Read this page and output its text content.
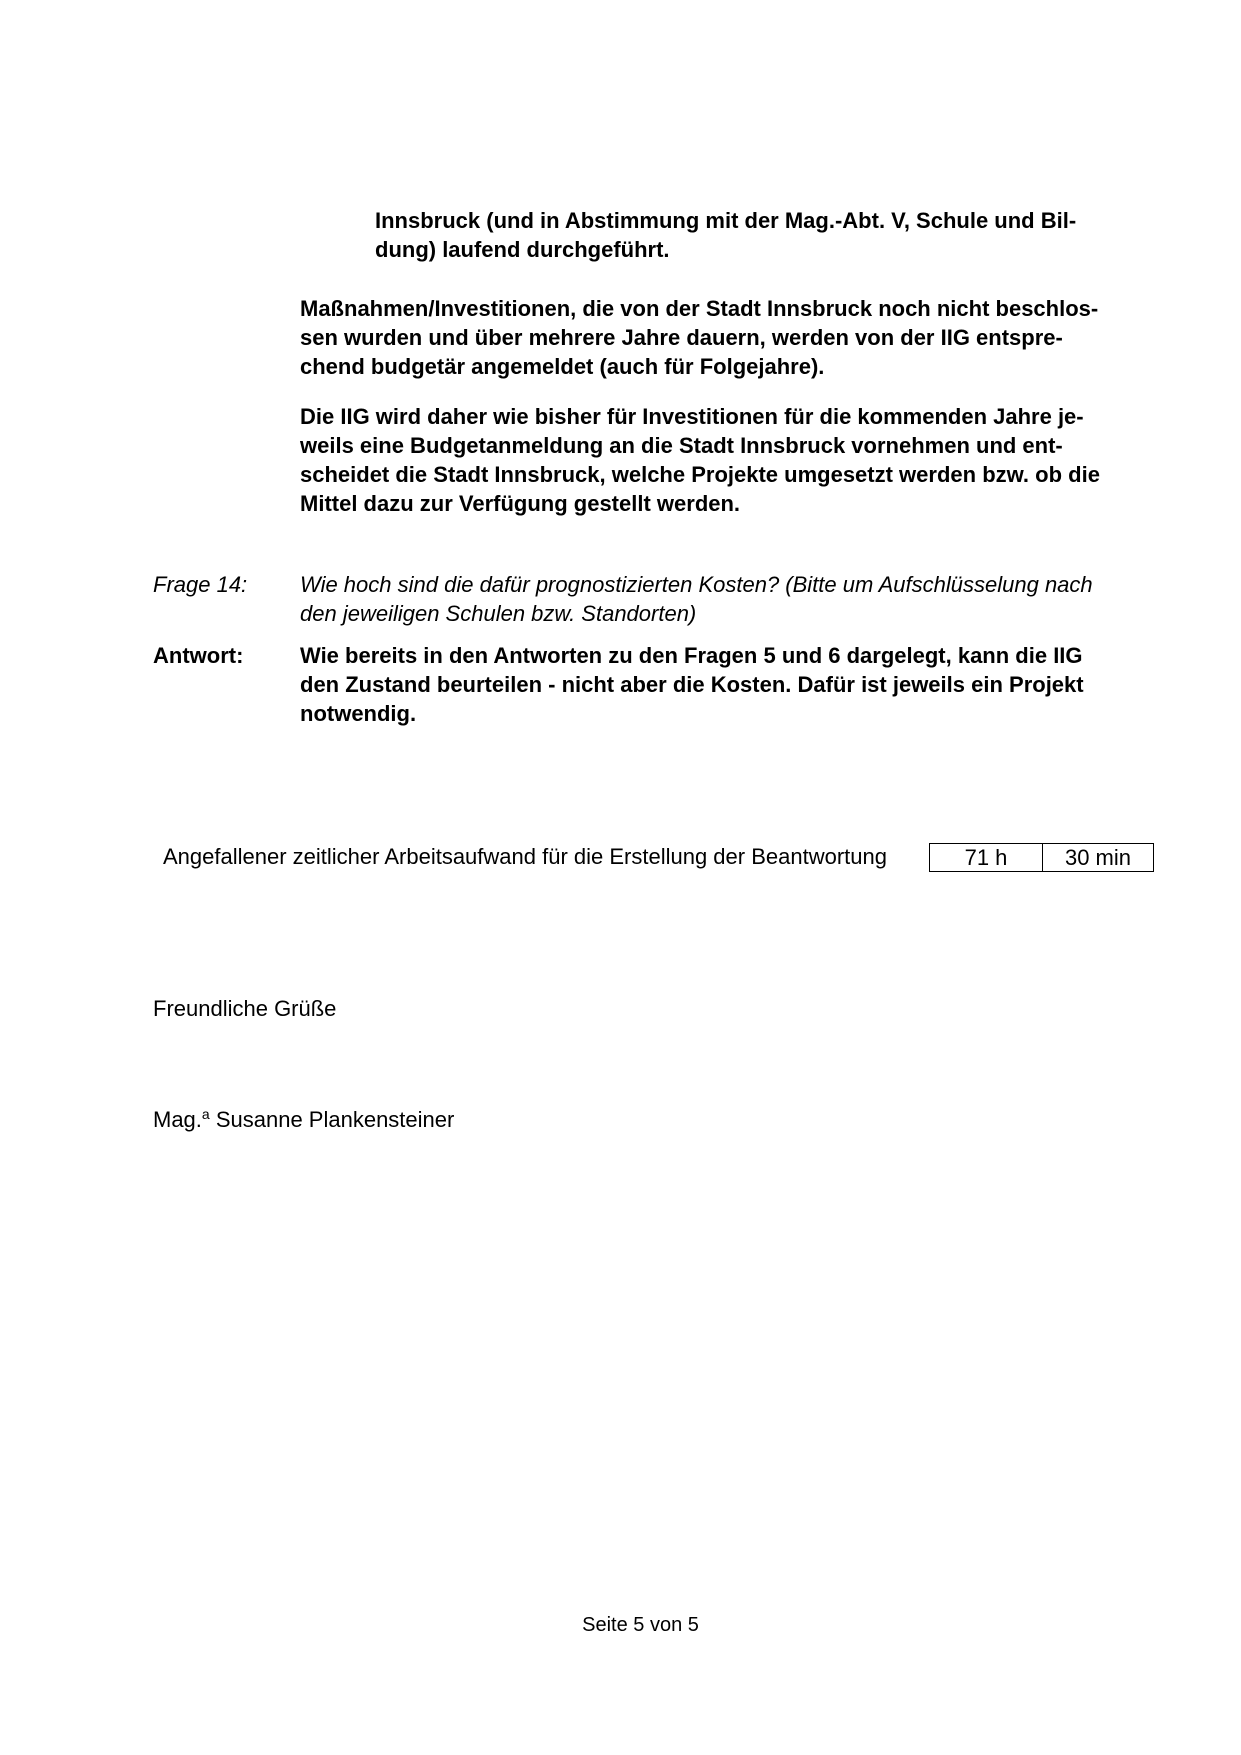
Innsbruck (und in Abstimmung mit der Mag.-Abt. V, Schule und Bil-
dung) laufend durchgeführt.
Maßnahmen/Investitionen, die von der Stadt Innsbruck noch nicht beschlos-
sen wurden und über mehrere Jahre dauern, werden von der IIG entspre-
chend budgetär angemeldet (auch für Folgejahre).
Die IIG wird daher wie bisher für Investitionen für die kommenden Jahre je-
weils eine Budgetanmeldung an die Stadt Innsbruck vornehmen und ent-
scheidet die Stadt Innsbruck, welche Projekte umgesetzt werden bzw. ob die
Mittel dazu zur Verfügung gestellt werden.
Frage 14: Wie hoch sind die dafür prognostizierten Kosten? (Bitte um Aufschlüsselung nach
den jeweiligen Schulen bzw. Standorten)
Antwort:	Wie bereits in den Antworten zu den Fragen 5 und 6 dargelegt, kann die IIG
den Zustand beurteilen - nicht aber die Kosten. Dafür ist jeweils ein Projekt
notwendig.
Angefallener zeitlicher Arbeitsaufwand für die Erstellung der Beantwortung	71 h	30 min
Freundliche Grüße
Mag.$^a$ Susanne Plankensteiner
Seite 5 von 5
